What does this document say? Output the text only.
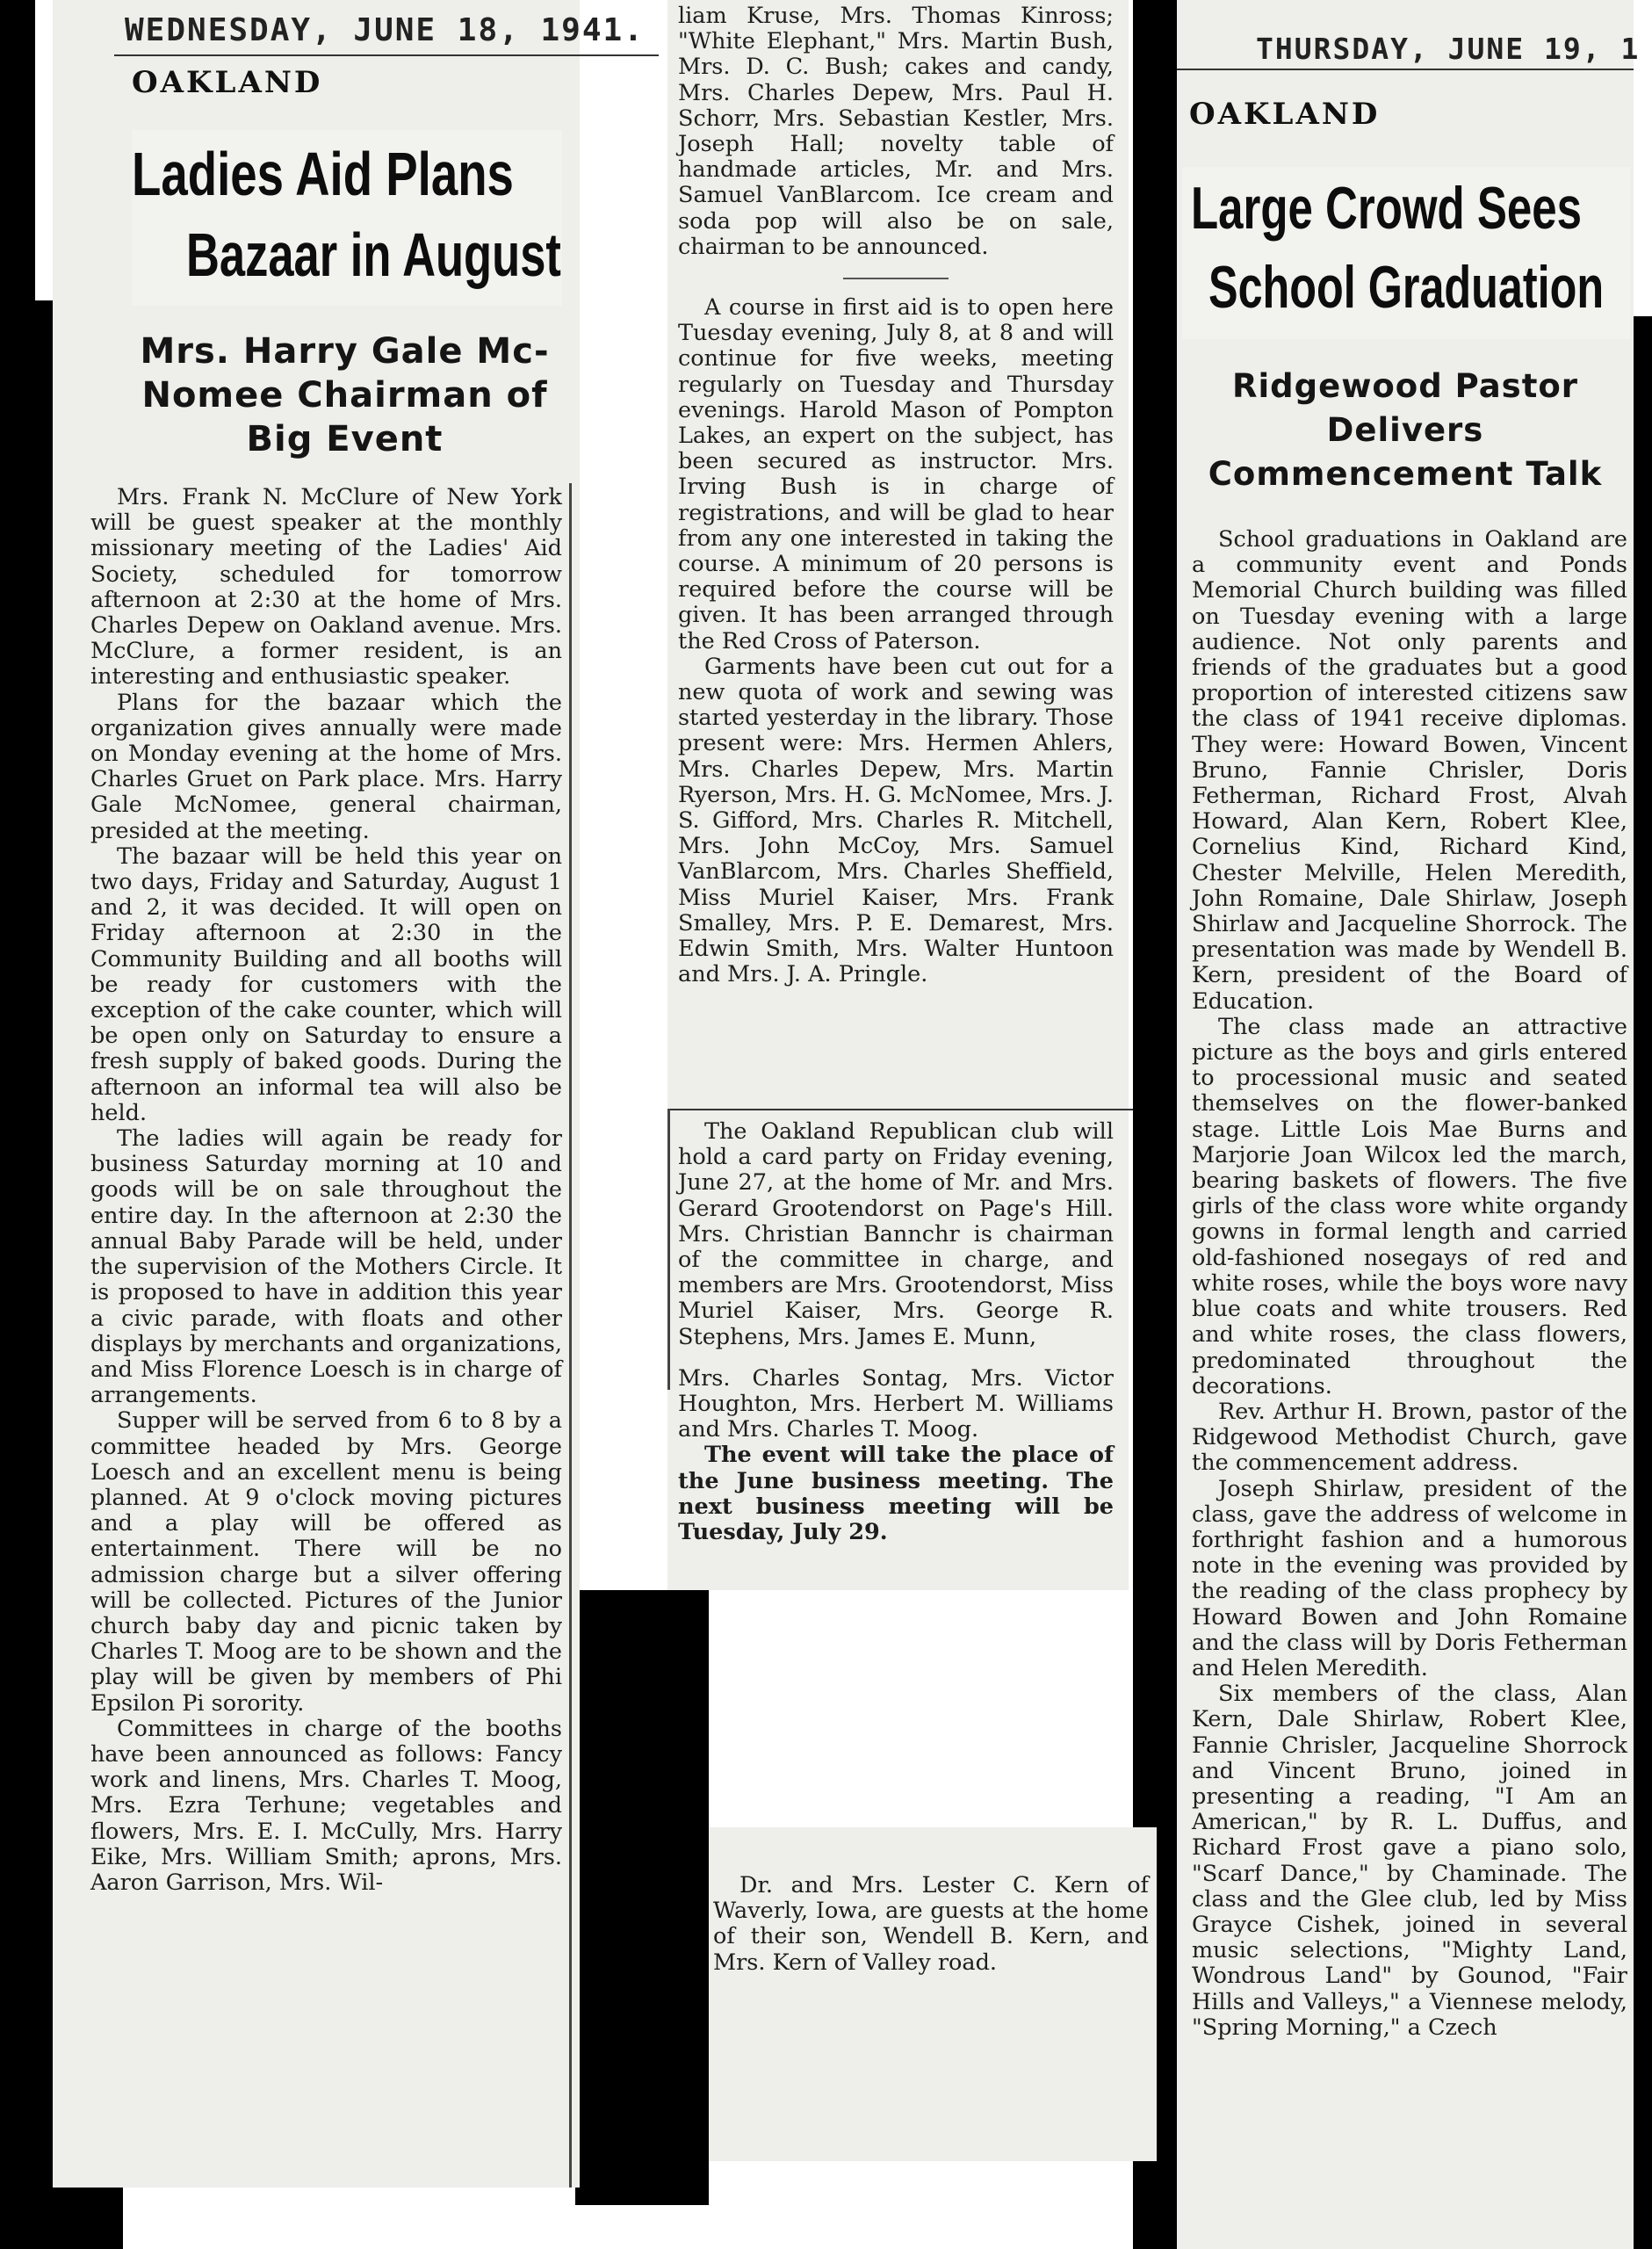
WEDNESDAY, JUNE 18, 1941.
OAKLAND
Ladies Aid Plans
Bazaar in August
Mrs. Harry Gale Mc-Nomee Chairman of Big Event

Mrs. Frank N. McClure of New York will be guest speaker at the monthly missionary meeting of the Ladies' Aid Society, scheduled for tomorrow afternoon at 2:30 at the home of Mrs. Charles Depew on Oakland avenue. Mrs. McClure, a former resident, is an interesting and enthusiastic speaker.

Plans for the bazaar which the organization gives annually were made on Monday evening at the home of Mrs. Charles Gruet on Park place. Mrs. Harry Gale McNomee, general chairman, presided at the meeting.

The bazaar will be held this year on two days, Friday and Saturday, August 1 and 2, it was decided. It will open on Friday afternoon at 2:30 in the Community Building and all booths will be ready for customers with the exception of the cake counter, which will be open only on Saturday to ensure a fresh supply of baked goods. During the afternoon an informal tea will also be held.

The ladies will again be ready for business Saturday morning at 10 and goods will be on sale throughout the entire day. In the afternoon at 2:30 the annual Baby Parade will be held, under the supervision of the Mothers Circle. It is proposed to have in addition this year a civic parade, with floats and other displays by merchants and organizations, and Miss Florence Loesch is in charge of arrangements.

Supper will be served from 6 to 8 by a committee headed by Mrs. George Loesch and an excellent menu is being planned. At 9 o'clock moving pictures and a play will be offered as entertainment. There will be no admission charge but a silver offering will be collected. Pictures of the Junior church baby day and picnic taken by Charles T. Moog are to be shown and the play will be given by members of Phi Epsilon Pi sorority.

Committees in charge of the booths have been announced as follows: Fancy work and linens, Mrs. Charles T. Moog, Mrs. Ezra Terhune; vegetables and flowers, Mrs. E. I. McCully, Mrs. Harry Eike, Mrs. William Smith; aprons, Mrs. Aaron Garrison, Mrs. Wil-

liam Kruse, Mrs. Thomas Kinross; "White Elephant," Mrs. Martin Bush, Mrs. D. C. Bush; cakes and candy, Mrs. Charles Depew, Mrs. Paul H. Schorr, Mrs. Sebastian Kestler, Mrs. Joseph Hall; novelty table of handmade articles, Mr. and Mrs. Samuel VanBlarcom. Ice cream and soda pop will also be on sale, chairman to be announced.

A course in first aid is to open here Tuesday evening, July 8, at 8 and will continue for five weeks, meeting regularly on Tuesday and Thursday evenings. Harold Mason of Pompton Lakes, an expert on the subject, has been secured as instructor. Mrs. Irving Bush is in charge of registrations, and will be glad to hear from any one interested in taking the course. A minimum of 20 persons is required before the course will be given. It has been arranged through the Red Cross of Paterson.

Garments have been cut out for a new quota of work and sewing was started yesterday in the library. Those present were: Mrs. Hermen Ahlers, Mrs. Charles Depew, Mrs. Martin Ryerson, Mrs. H. G. McNomee, Mrs. J. S. Gifford, Mrs. Charles R. Mitchell, Mrs. John McCoy, Mrs. Samuel VanBlarcom, Mrs. Charles Sheffield, Miss Muriel Kaiser, Mrs. Frank Smalley, Mrs. P. E. Demarest, Mrs. Edwin Smith, Mrs. Walter Huntoon and Mrs. J. A. Pringle.

The Oakland Republican club will hold a card party on Friday evening, June 27, at the home of Mr. and Mrs. Gerard Grootendorst on Page's Hill. Mrs. Christian Bannchr is chairman of the committee in charge, and members are Mrs. Grootendorst, Miss Muriel Kaiser, Mrs. George R. Stephens, Mrs. James E. Munn,

Mrs. Charles Sontag, Mrs. Victor Houghton, Mrs. Herbert M. Williams and Mrs. Charles T. Moog.

The event will take the place of the June business meeting. The next business meeting will be Tuesday, July 29.

Dr. and Mrs. Lester C. Kern of Waverly, Iowa, are guests at the home of their son, Wendell B. Kern, and Mrs. Kern of Valley road.

THURSDAY, JUNE 19, 1
OAKLAND
Large Crowd Sees
School Graduation
Ridgewood Pastor Delivers Commencement Talk

School graduations in Oakland are a community event and Ponds Memorial Church building was filled on Tuesday evening with a large audience. Not only parents and friends of the graduates but a good proportion of interested citizens saw the class of 1941 receive diplomas. They were: Howard Bowen, Vincent Bruno, Fannie Chrisler, Doris Fetherman, Richard Frost, Alvah Howard, Alan Kern, Robert Klee, Cornelius Kind, Richard Kind, Chester Melville, Helen Meredith, John Romaine, Dale Shirlaw, Joseph Shirlaw and Jacqueline Shorrock. The presentation was made by Wendell B. Kern, president of the Board of Education.

The class made an attractive picture as the boys and girls entered to processional music and seated themselves on the flower-banked stage. Little Lois Mae Burns and Marjorie Joan Wilcox led the march, bearing baskets of flowers. The five girls of the class wore white organdy gowns in formal length and carried old-fashioned nosegays of red and white roses, while the boys wore navy blue coats and white trousers. Red and white roses, the class flowers, predominated throughout the decorations.

Rev. Arthur H. Brown, pastor of the Ridgewood Methodist Church, gave the commencement address.

Joseph Shirlaw, president of the class, gave the address of welcome in forthright fashion and a humorous note in the evening was provided by the reading of the class prophecy by Howard Bowen and John Romaine and the class will by Doris Fetherman and Helen Meredith.

Six members of the class, Alan Kern, Dale Shirlaw, Robert Klee, Fannie Chrisler, Jacqueline Shorrock and Vincent Bruno, joined in presenting a reading, "I Am an American," by R. L. Duffus, and Richard Frost gave a piano solo, "Scarf Dance," by Chaminade. The class and the Glee club, led by Miss Grayce Cishek, joined in several music selections, "Mighty Land, Wondrous Land" by Gounod, "Fair Hills and Valleys," a Viennese melody, "Spring Morning," a Czech
